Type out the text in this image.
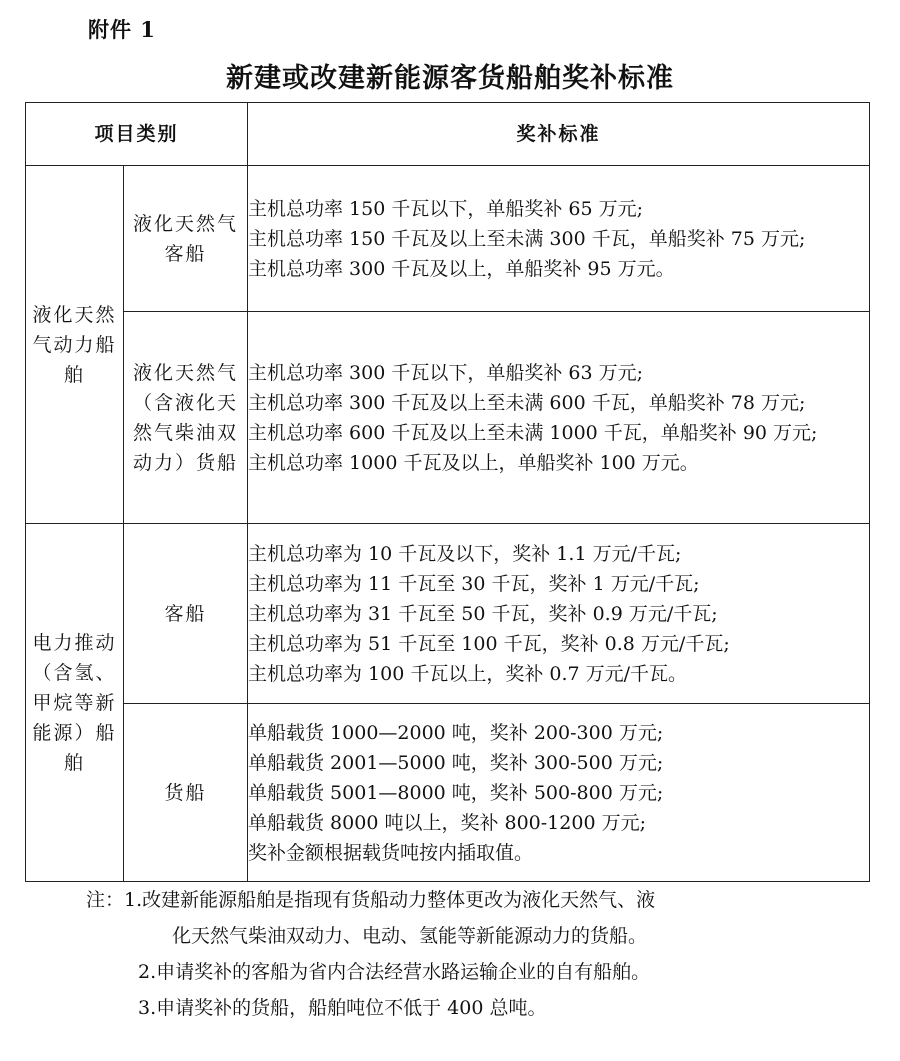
附件 1
新建或改建新能源客货船舶奖补标准
项目类别		奖补标准
液化天然气动力船舶	液化天然气客船	主机总功率 150 千瓦以下，单船奖补 65 万元;
主机总功率 150 千瓦及以上至未满 300 千瓦，单船奖补 75 万元;
主机总功率 300 千瓦及以上，单船奖补 95 万元。

	液化天然气（含液化天然气柴油双动力）货船	主机总功率 300 千瓦以下，单船奖补 63 万元;
主机总功率 300 千瓦及以上至未满 600 千瓦，单船奖补 78 万元;
主机总功率 600 千瓦及以上至未满 1000 千瓦，单船奖补 90 万元;
主机总功率 1000 千瓦及以上，单船奖补 100 万元。

电力推动（含氢、甲烷等新能源）船舶	客船	主机总功率为 10 千瓦及以下，奖补 1.1 万元/千瓦;
主机总功率为 11 千瓦至 30 千瓦，奖补 1 万元/千瓦;
主机总功率为 31 千瓦至 50 千瓦，奖补 0.9 万元/千瓦;
主机总功率为 51 千瓦至 100 千瓦，奖补 0.8 万元/千瓦;
主机总功率为 100 千瓦以上，奖补 0.7 万元/千瓦。

	货船	单船载货 1000—2000 吨，奖补 200-300 万元;
单船载货 2001—5000 吨，奖补 300-500 万元;
单船载货 5001—8000 吨，奖补 500-800 万元;
单船载货 8000 吨以上，奖补 800-1200 万元;
奖补金额根据载货吨按内插取值。
注：1.改建新能源船舶是指现有货船动力整体更改为液化天然气、液
化天然气柴油双动力、电动、氢能等新能源动力的货船。
2.申请奖补的客船为省内合法经营水路运输企业的自有船舶。
3.申请奖补的货船，船舶吨位不低于 400 总吨。
